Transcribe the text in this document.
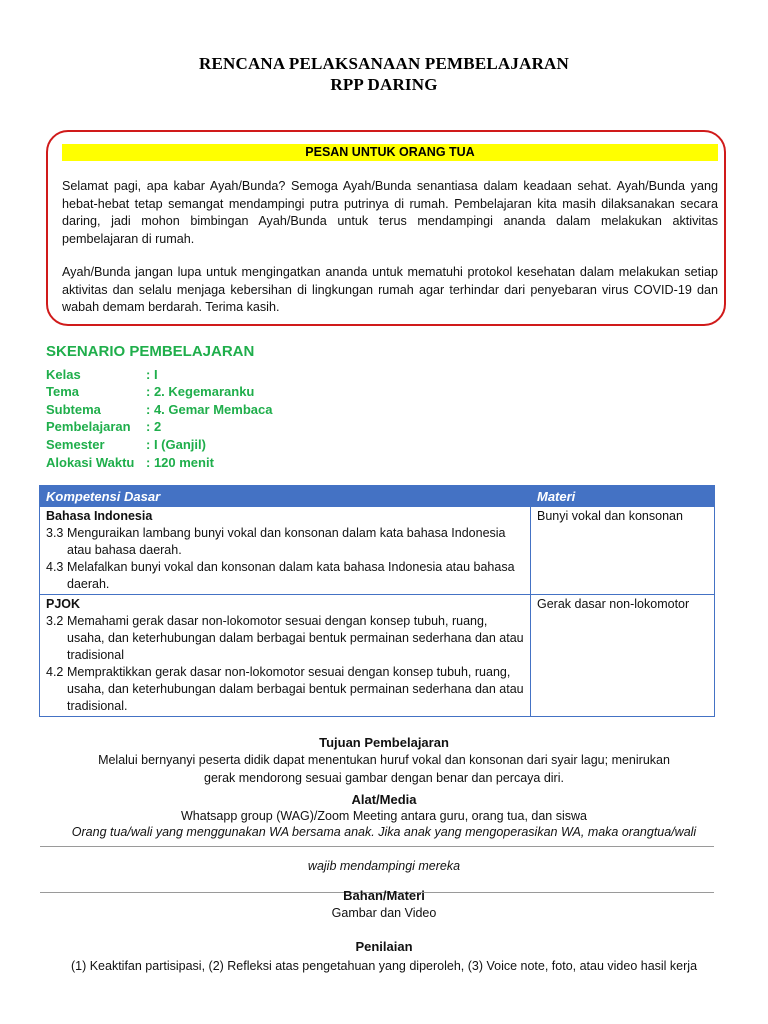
RENCANA PELAKSANAAN PEMBELAJARAN
RPP DARING
PESAN UNTUK ORANG TUA

Selamat pagi, apa kabar Ayah/Bunda? Semoga Ayah/Bunda senantiasa dalam keadaan sehat. Ayah/Bunda yang hebat-hebat tetap semangat mendampingi putra putrinya di rumah. Pembelajaran kita masih dilaksanakan secara daring, jadi mohon bimbingan Ayah/Bunda untuk terus mendampingi ananda dalam melakukan aktivitas pembelajaran di rumah.

Ayah/Bunda jangan lupa untuk mengingatkan ananda untuk mematuhi protokol kesehatan dalam melakukan setiap aktivitas dan selalu menjaga kebersihan di lingkungan rumah agar terhindar dari penyebaran virus COVID-19 dan wabah demam berdarah. Terima kasih.

SKENARIO PEMBELAJARAN
Kelas	: I
Tema	: 2. Kegemaranku
Subtema	: 4. Gemar Membaca
Pembelajaran : 2
Semester	: I (Ganjil)
Alokasi Waktu : 120 menit
Kompetensi Dasar	Materi

Bahasa Indonesia
3.3 Menguraikan lambang bunyi vokal dan konsonan dalam kata bahasa Indonesia atau bahasa daerah.
4.3 Melafalkan bunyi vokal dan konsonan dalam kata bahasa Indonesia atau bahasa daerah.	Bunyi vokal dan konsonan

PJOK
3.2 Memahami gerak dasar non-lokomotor sesuai dengan konsep tubuh, ruang, usaha, dan keterhubungan dalam berbagai bentuk permainan sederhana dan atau tradisional
4.2 Mempraktikkan gerak dasar non-lokomotor sesuai dengan konsep tubuh, ruang, usaha, dan keterhubungan dalam berbagai bentuk permainan sederhana dan atau tradisional.	Gerak dasar non-lokomotor
Tujuan Pembelajaran
Melalui bernyanyi peserta didik dapat menentukan huruf vokal dan konsonan dari syair lagu; menirukan gerak mendorong sesuai gambar dengan benar dan percaya diri.
Alat/Media
Whatsapp group (WAG)/Zoom Meeting antara guru, orang tua, dan siswa
Orang tua/wali yang menggunakan WA bersama anak. Jika anak yang mengoperasikan WA, maka orangtua/wali
wajib mendampingi mereka
Bahan/Materi
Gambar dan Video
Penilaian
(1) Keaktifan partisipasi, (2) Refleksi atas pengetahuan yang diperoleh, (3) Voice note, foto, atau video hasil kerja
